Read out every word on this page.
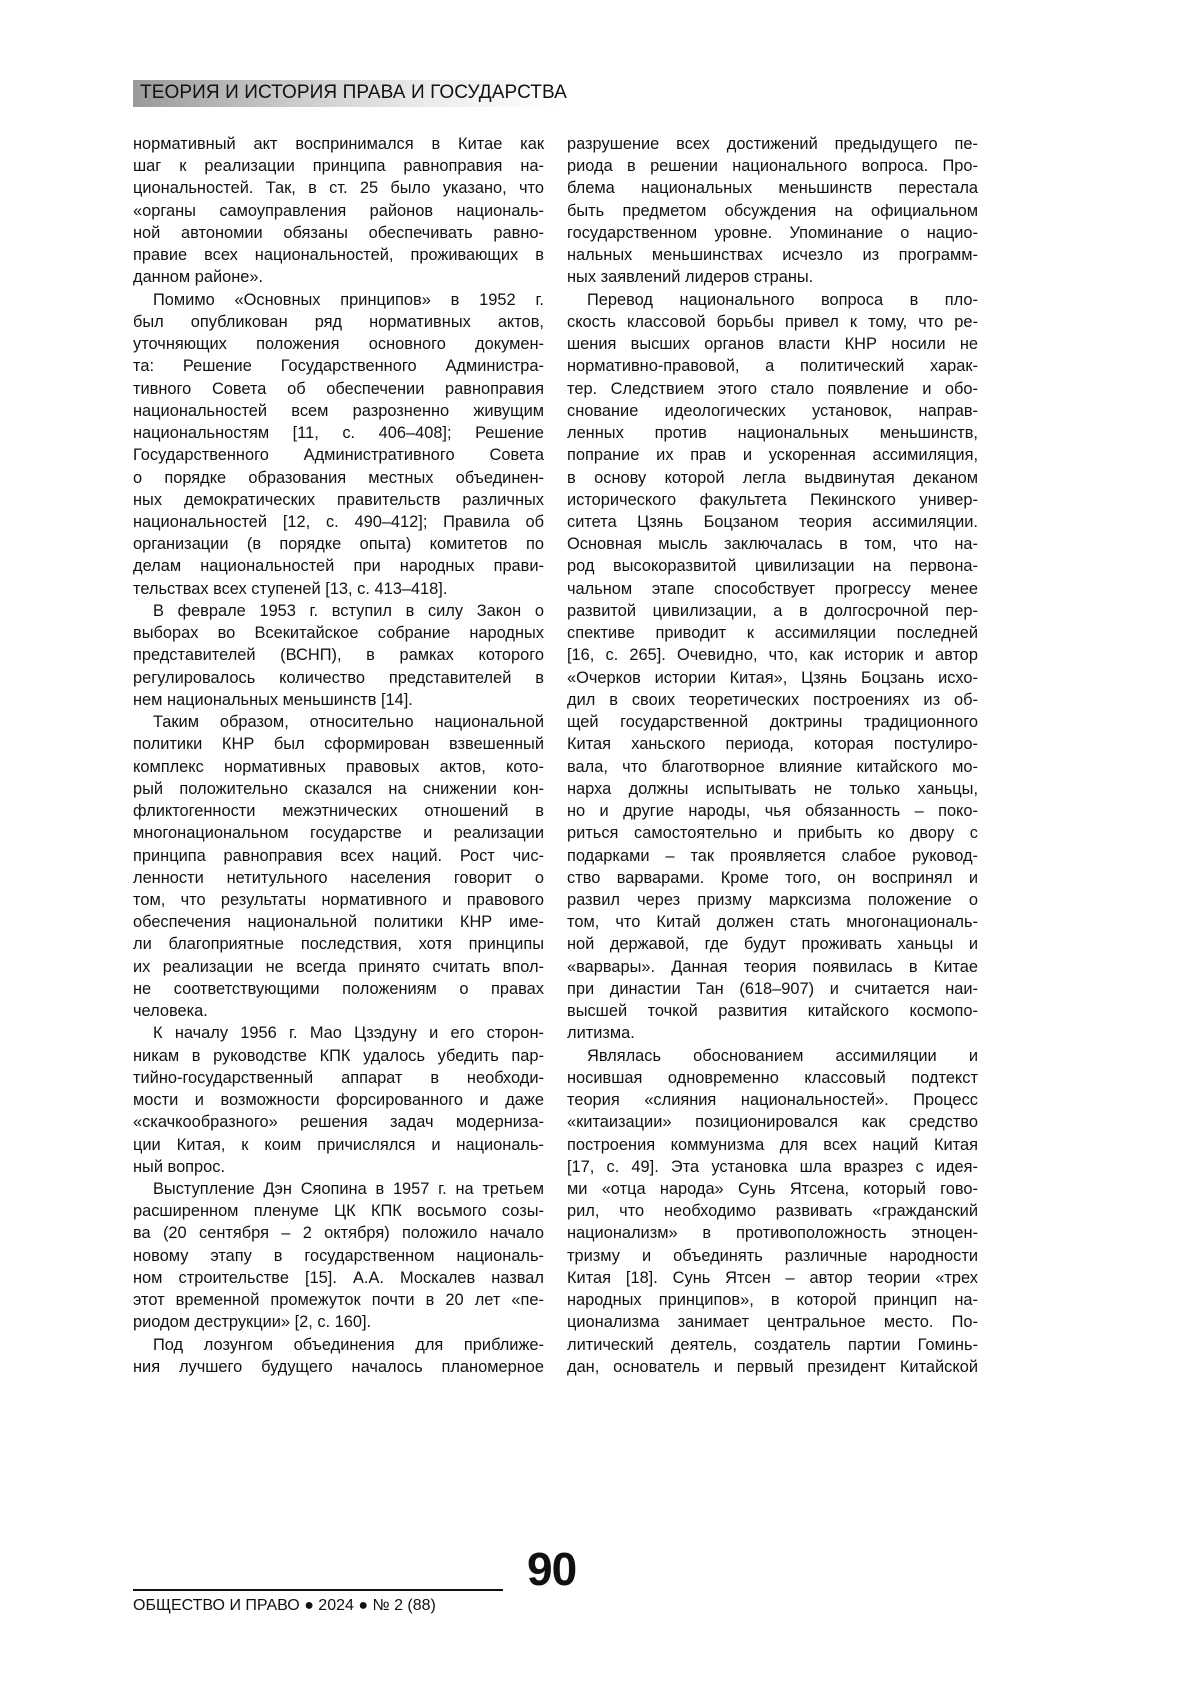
ТЕОРИЯ И ИСТОРИЯ ПРАВА И ГОСУДАРСТВА
нормативный акт воспринимался в Китае как
шаг к реализации принципа равноправия на-
циональностей. Так, в ст. 25 было указано, что
«органы самоуправления районов националь-
ной автономии обязаны обеспечивать равно-
правие всех национальностей, проживающих в
данном районе».
Помимо «Основных принципов» в 1952 г.
был опубликован ряд нормативных актов,
уточняющих положения основного докумен-
та: Решение Государственного Администра-
тивного Совета об обеспечении равноправия
национальностей всем разрозненно живущим
национальностям [11, с. 406–408]; Решение
Государственного Административного Совета
о порядке образования местных объединен-
ных демократических правительств различных
национальностей [12, с. 490–412]; Правила об
организации (в порядке опыта) комитетов по
делам национальностей при народных прави-
тельствах всех ступеней [13, с. 413–418].
В феврале 1953 г. вступил в силу Закон о
выборах во Всекитайское собрание народных
представителей (ВСНП), в рамках которого
регулировалось количество представителей в
нем национальных меньшинств [14].
Таким образом, относительно национальной
политики КНР был сформирован взвешенный
комплекс нормативных правовых актов, кото-
рый положительно сказался на снижении кон-
фликтогенности межэтнических отношений в
многонациональном государстве и реализации
принципа равноправия всех наций. Рост чис-
ленности нетитульного населения говорит о
том, что результаты нормативного и правового
обеспечения национальной политики КНР име-
ли благоприятные последствия, хотя принципы
их реализации не всегда принято считать впол-
не соответствующими положениям о правах
человека.
К началу 1956 г. Мао Цзэдуну и его сторон-
никам в руководстве КПК удалось убедить пар-
тийно-государственный аппарат в необходи-
мости и возможности форсированного и даже
«скачкообразного» решения задач модерниза-
ции Китая, к коим причислялся и националь-
ный вопрос.
Выступление Дэн Сяопина в 1957 г. на третьем
расширенном пленуме ЦК КПК восьмого созы-
ва (20 сентября – 2 октября) положило начало
новому этапу в государственном националь-
ном строительстве [15]. А.А. Москалев назвал
этот временной промежуток почти в 20 лет «пе-
риодом деструкции» [2, с. 160].
Под лозунгом объединения для приближе-
ния лучшего будущего началось планомерное
разрушение всех достижений предыдущего пе-
риода в решении национального вопроса. Про-
блема национальных меньшинств перестала
быть предметом обсуждения на официальном
государственном уровне. Упоминание о нацио-
нальных меньшинствах исчезло из программ-
ных заявлений лидеров страны.
Перевод национального вопроса в пло-
скость классовой борьбы привел к тому, что ре-
шения высших органов власти КНР носили не
нормативно-правовой, а политический харак-
тер. Следствием этого стало появление и обо-
снование идеологических установок, направ-
ленных против национальных меньшинств,
попрание их прав и ускоренная ассимиляция,
в основу которой легла выдвинутая деканом
исторического факультета Пекинского универ-
ситета Цзянь Боцзаном теория ассимиляции.
Основная мысль заключалась в том, что на-
род высокоразвитой цивилизации на первона-
чальном этапе способствует прогрессу менее
развитой цивилизации, а в долгосрочной пер-
спективе приводит к ассимиляции последней
[16, с. 265]. Очевидно, что, как историк и автор
«Очерков истории Китая», Цзянь Боцзань исхо-
дил в своих теоретических построениях из об-
щей государственной доктрины традиционного
Китая ханьского периода, которая постулиро-
вала, что благотворное влияние китайского мо-
нарха должны испытывать не только ханьцы,
но и другие народы, чья обязанность – поко-
риться самостоятельно и прибыть ко двору с
подарками – так проявляется слабое руковод-
ство варварами. Кроме того, он воспринял и
развил через призму марксизма положение о
том, что Китай должен стать многонациональ-
ной державой, где будут проживать ханьцы и
«варвары». Данная теория появилась в Китае
при династии Тан (618–907) и считается наи-
высшей точкой развития китайского космопо-
литизма.
Являлась обоснованием ассимиляции и
носившая одновременно классовый подтекст
теория «слияния национальностей». Процесс
«китаизации» позиционировался как средство
построения коммунизма для всех наций Китая
[17, с. 49]. Эта установка шла вразрез с идея-
ми «отца народа» Сунь Ятсена, который гово-
рил, что необходимо развивать «гражданский
национализм» в противоположность этноцен-
тризму и объединять различные народности
Китая [18]. Сунь Ятсен – автор теории «трех
народных принципов», в которой принцип на-
ционализма занимает центральное место. По-
литический деятель, создатель партии Гоминь-
дан, основатель и первый президент Китайской
90
ОБЩЕСТВО И ПРАВО ● 2024 ● № 2 (88)
